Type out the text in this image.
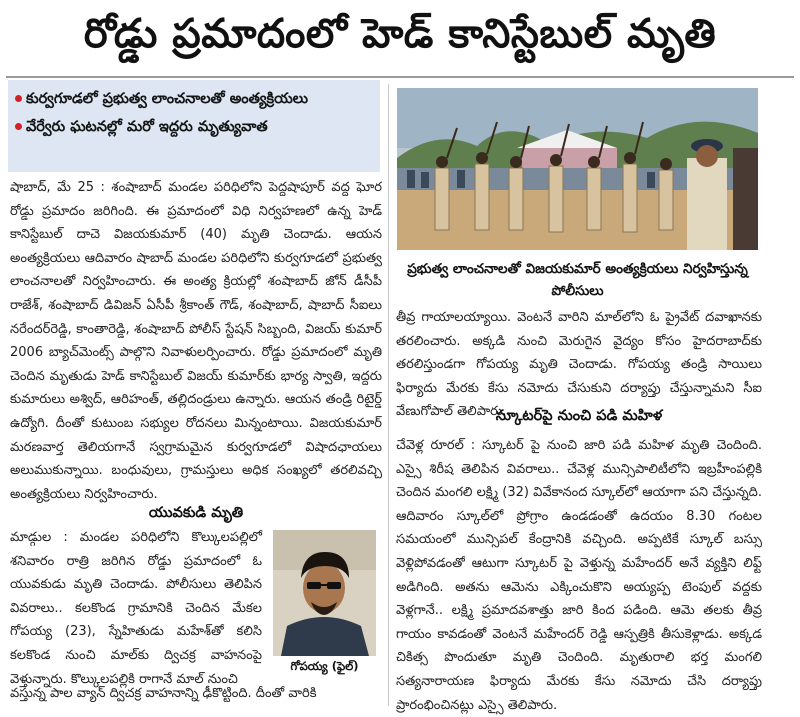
రోడ్డు ప్రమాదంలో హెడ్ కానిస్టేబుల్ మృతి
కుర్వగూడలో ప్రభుత్వ లాంచనాలతో అంత్యక్రియలు
వేర్వేరు ఘటనల్లో మరో ఇద్దరు మృత్యువాత

షాబాద్, మే 25 : శంషాబాద్ మండల పరిధిలోని పెద్దషాపూర్ వద్ద ఘోర రోడ్డు ప్రమాదం జరిగింది. ఈ ప్రమాదంలో విధి నిర్వహణలో ఉన్న హెడ్ కానిస్టేబుల్ దాచె విజయకుమార్ (40) మృతి చెందాడు. ఆయన అంత్యక్రియలు ఆదివారం షాబాద్ మండల పరిధిలోని కుర్వగూడలో ప్రభుత్వ లాంచనాలతో నిర్వహించారు. ఈ అంత్య క్రియల్లో శంషాబాద్ జోన్ డీసీపీ రాజేశ్, శంషాబాద్ డివిజన్ ఏసీపీ శ్రీకాంత్ గౌడ్, శంషాబాద్, షాబాద్ సీఐలు నరేందర్‌రెడ్డి, కాంతారెడ్డి, శంషాబాద్ పోలీస్ స్టేషన్ సిబ్బంది, విజయ్ కుమార్ 2006 బ్యాచ్‌మెంట్స్ పాల్గొని నివాళులర్పించారు. రోడ్డు ప్రమాదంలో మృతి చెందిన మృతుడు హెడ్ కానిస్టేబుల్ విజయ్ కుమార్‌కు భార్య స్వాతి, ఇద్దరు కుమారులు అశ్విద్, ఆరిహంత్, తల్లిదండ్రులు ఉన్నారు. ఆయన తండ్రి రిటైర్డ్ ఉద్యోగి. దీంతో కుటుంబ సభ్యుల రోదనలు మిన్నంటాయి. విజయకుమార్ మరణవార్త తెలియగానే స్వగ్రామమైన కుర్వగూడలో విషాదఛాయలు అలుముకున్నాయి. బంధువులు, గ్రామస్తులు అధిక సంఖ్యలో తరలివచ్చి అంత్యక్రియలు నిర్వహించారు.

యువకుడి మృతి

మాడ్గుల : మండల పరిధిలోని కొల్కులపల్లిలో శనివారం రాత్రి జరిగిన రోడ్డు ప్రమాదంలో ఓ యువకుడు మృతి చెందాడు. పోలీసులు తెలిపిన వివరాలు.. కలకొండ గ్రామానికి చెందిన మేకల గోపయ్య (23), స్నేహితుడు మహేశ్‌తో కలిసి కలకొండ నుంచి మాల్‌కు ద్విచక్ర వాహనంపై వెళ్తున్నారు. కొల్కులపల్లికి రాగానే మాల్ నుంచి

వస్తున్న పాల వ్యాన్ ద్విచక్ర వాహనాన్ని ఢీకొట్టింది. దీంతో వారికి

గోపయ్య (ఫైల్)
ప్రభుత్వ లాంచనాలతో విజయకుమార్ అంత్యక్రియలు నిర్వహిస్తున్న పోలీసులు

తీవ్ర గాయాలయ్యాయి. వెంటనే వారిని మాల్‌లోని ఓ ప్రైవేట్ దవాఖానకు తరలించారు. అక్కడి నుంచి మెరుగైన వైద్యం కోసం హైదరాబాద్‌కు తరలిస్తుండగా గోపయ్య మృతి చెందాడు. గోపయ్య తండ్రి సాయిలు ఫిర్యాదు మేరకు కేసు నమోదు చేసుకుని దర్యాప్తు చేస్తున్నామని సీఐ వేణుగోపాల్ తెలిపారు.

స్కూటర్‌పై నుంచి పడి మహిళ

చేవెళ్ల రూరల్ : స్కూటర్ పై నుంచి జారి పడి మహిళ మృతి చెందింది. ఎస్సై శిరీష తెలిపిన వివరాలు.. చేవెళ్ల మున్సిపాలిటీలోని ఇబ్రహీంపల్లికి చెందిన మంగలి లక్ష్మి (32) వివేకానంద స్కూల్‌లో ఆయాగా పని చేస్తున్నది. ఆదివారం స్కూల్‌లో ప్రోగ్రాం ఉండడంతో ఉదయం 8.30 గంటల సమయంలో మున్సిపల్ కేంద్రానికి వచ్చింది. అప్పటికే స్కూల్ బస్సు వెళ్లిపోవడంతో ఆటుగా స్కూటర్ పై వెళ్తున్న మహేందర్ అనే వ్యక్తిని లిఫ్ట్ అడిగింది. అతను ఆమెను ఎక్కించుకొని అయ్యప్ప టెంపుల్ వద్దకు వెళ్లగానే.. లక్ష్మి ప్రమాదవశాత్తు జారి కింద పడింది. ఆమె తలకు తీవ్ర గాయం కావడంతో వెంటనే మహేందర్ రెడ్డి ఆస్పత్రికి తీసుకెళ్లాడు. అక్కడ చికిత్స పొందుతూ మృతి చెందింది. మృతురాలి భర్త మంగలి సత్యనారాయణ ఫిర్యాదు మేరకు కేసు నమోదు చేసి దర్యాప్తు ప్రారంభించినట్లు ఎస్సై తెలిపారు.
